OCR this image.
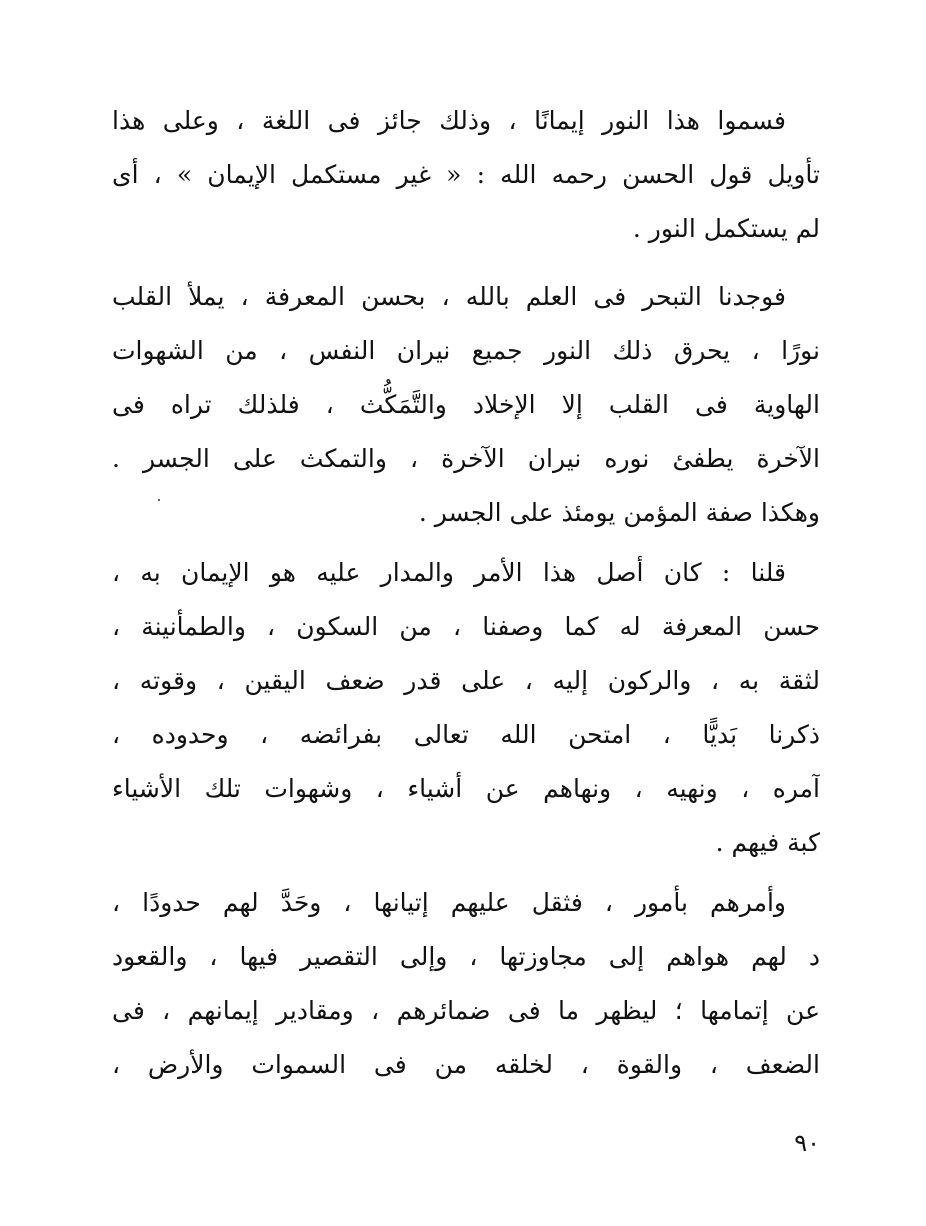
فسموا هذا النور إيمانًا ، وذلك جائز فى اللغة ، وعلى هذا
تأويل قول الحسن رحمه الله : « غير مستكمل الإيمان » ، أى
لم يستكمل النور .
فوجدنا التبحر فى العلم بالله ، بحسن المعرفة ، يملأ القلب
نورًا ، يحرق ذلك النور جميع نيران النفس ، من الشهوات
الهاوية فى القلب إلا الإخلاد والتَّمَكُّث ، فلذلك تراه فى
الآخرة يطفئ نوره نيران الآخرة ، والتمكث على الجسر .
وهكذا صفة المؤمن يومئذ على الجسر .
قلنا : كان أصل هذا الأمر والمدار عليه هو الإيمان به ،
حسن المعرفة له كما وصفنا ، من السكون ، والطمأنينة ،
لثقة به ، والركون إليه ، على قدر ضعف اليقين ، وقوته ،
ذكرنا بَديًّا ، امتحن الله تعالى بفرائضه ، وحدوده ،
آمره ، ونهيه ، ونهاهم عن أشياء ، وشهوات تلك الأشياء
كبة فيهم .
وأمرهم بأمور ، فثقل عليهم إتيانها ، وحَدَّ لهم حدودًا ،
د لهم هواهم إلى مجاوزتها ، وإلى التقصير فيها ، والقعود
عن إتمامها ؛ ليظهر ما فى ضمائرهم ، ومقادير إيمانهم ، فى
الضعف ، والقوة ، لخلقه من فى السموات والأرض ،
٩٠
